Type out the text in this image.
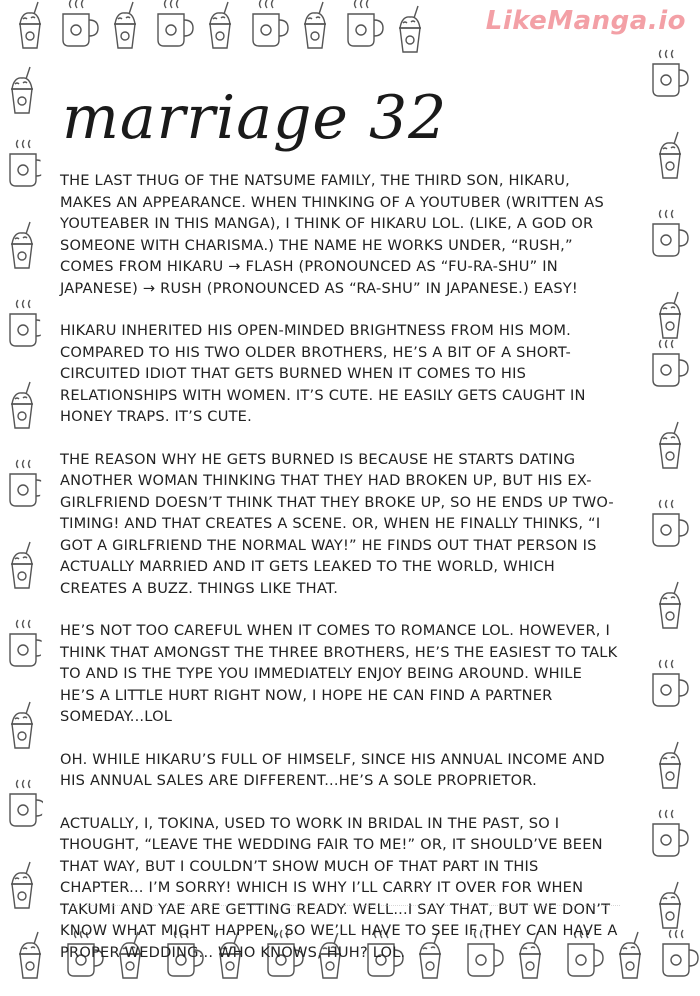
LikeManga.io
marriage 32

THE LAST THUG OF THE NATSUME FAMILY, THE THIRD SON, HIKARU, MAKES AN APPEARANCE. WHEN THINKING OF A YOUTUBER (WRITTEN AS YOUTEABER IN THIS MANGA), I THINK OF HIKARU LOL. (LIKE, A GOD OR SOMEONE WITH CHARISMA.) THE NAME HE WORKS UNDER, “RUSH,” COMES FROM HIKARU → FLASH (PRONOUNCED AS “FU-RA-SHU” IN JAPANESE) → RUSH (PRONOUNCED AS “RA-SHU” IN JAPANESE.) EASY!

HIKARU INHERITED HIS OPEN-MINDED BRIGHTNESS FROM HIS MOM. COMPARED TO HIS TWO OLDER BROTHERS, HE’S A BIT OF A SHORT-CIRCUITED IDIOT THAT GETS BURNED WHEN IT COMES TO HIS RELATIONSHIPS WITH WOMEN. IT’S CUTE. HE EASILY GETS CAUGHT IN HONEY TRAPS. IT’S CUTE.

THE REASON WHY HE GETS BURNED IS BECAUSE HE STARTS DATING ANOTHER WOMAN THINKING THAT THEY HAD BROKEN UP, BUT HIS EX-GIRLFRIEND DOESN’T THINK THAT THEY BROKE UP, SO HE ENDS UP TWO-TIMING! AND THAT CREATES A SCENE. OR, WHEN HE FINALLY THINKS, “I GOT A GIRLFRIEND THE NORMAL WAY!” HE FINDS OUT THAT PERSON IS ACTUALLY MARRIED AND IT GETS LEAKED TO THE WORLD, WHICH CREATES A BUZZ. THINGS LIKE THAT.

HE’S NOT TOO CAREFUL WHEN IT COMES TO ROMANCE LOL. HOWEVER, I THINK THAT AMONGST THE THREE BROTHERS, HE’S THE EASIEST TO TALK TO AND IS THE TYPE YOU IMMEDIATELY ENJOY BEING AROUND. WHILE HE’S A LITTLE HURT RIGHT NOW, I HOPE HE CAN FIND A PARTNER SOMEDAY...LOL

OH. WHILE HIKARU’S FULL OF HIMSELF, SINCE HIS ANNUAL INCOME AND HIS ANNUAL SALES ARE DIFFERENT...HE’S A SOLE PROPRIETOR.

ACTUALLY, I, TOKINA, USED TO WORK IN BRIDAL IN THE PAST, SO I THOUGHT, “LEAVE THE WEDDING FAIR TO ME!” OR, IT SHOULD’VE BEEN THAT WAY, BUT I COULDN’T SHOW MUCH OF THAT PART IN THIS CHAPTER... I’M SORRY! WHICH IS WHY I’LL CARRY IT OVER FOR WHEN TAKUMI AND YAE ARE GETTING READY. WELL...I SAY THAT, BUT WE DON’T KNOW WHAT MIGHT HAPPEN, SO WE’LL HAVE TO SEE IF THEY CAN HAVE A PROPER WEDDING... WHO KNOWS, HUH? LOL.
